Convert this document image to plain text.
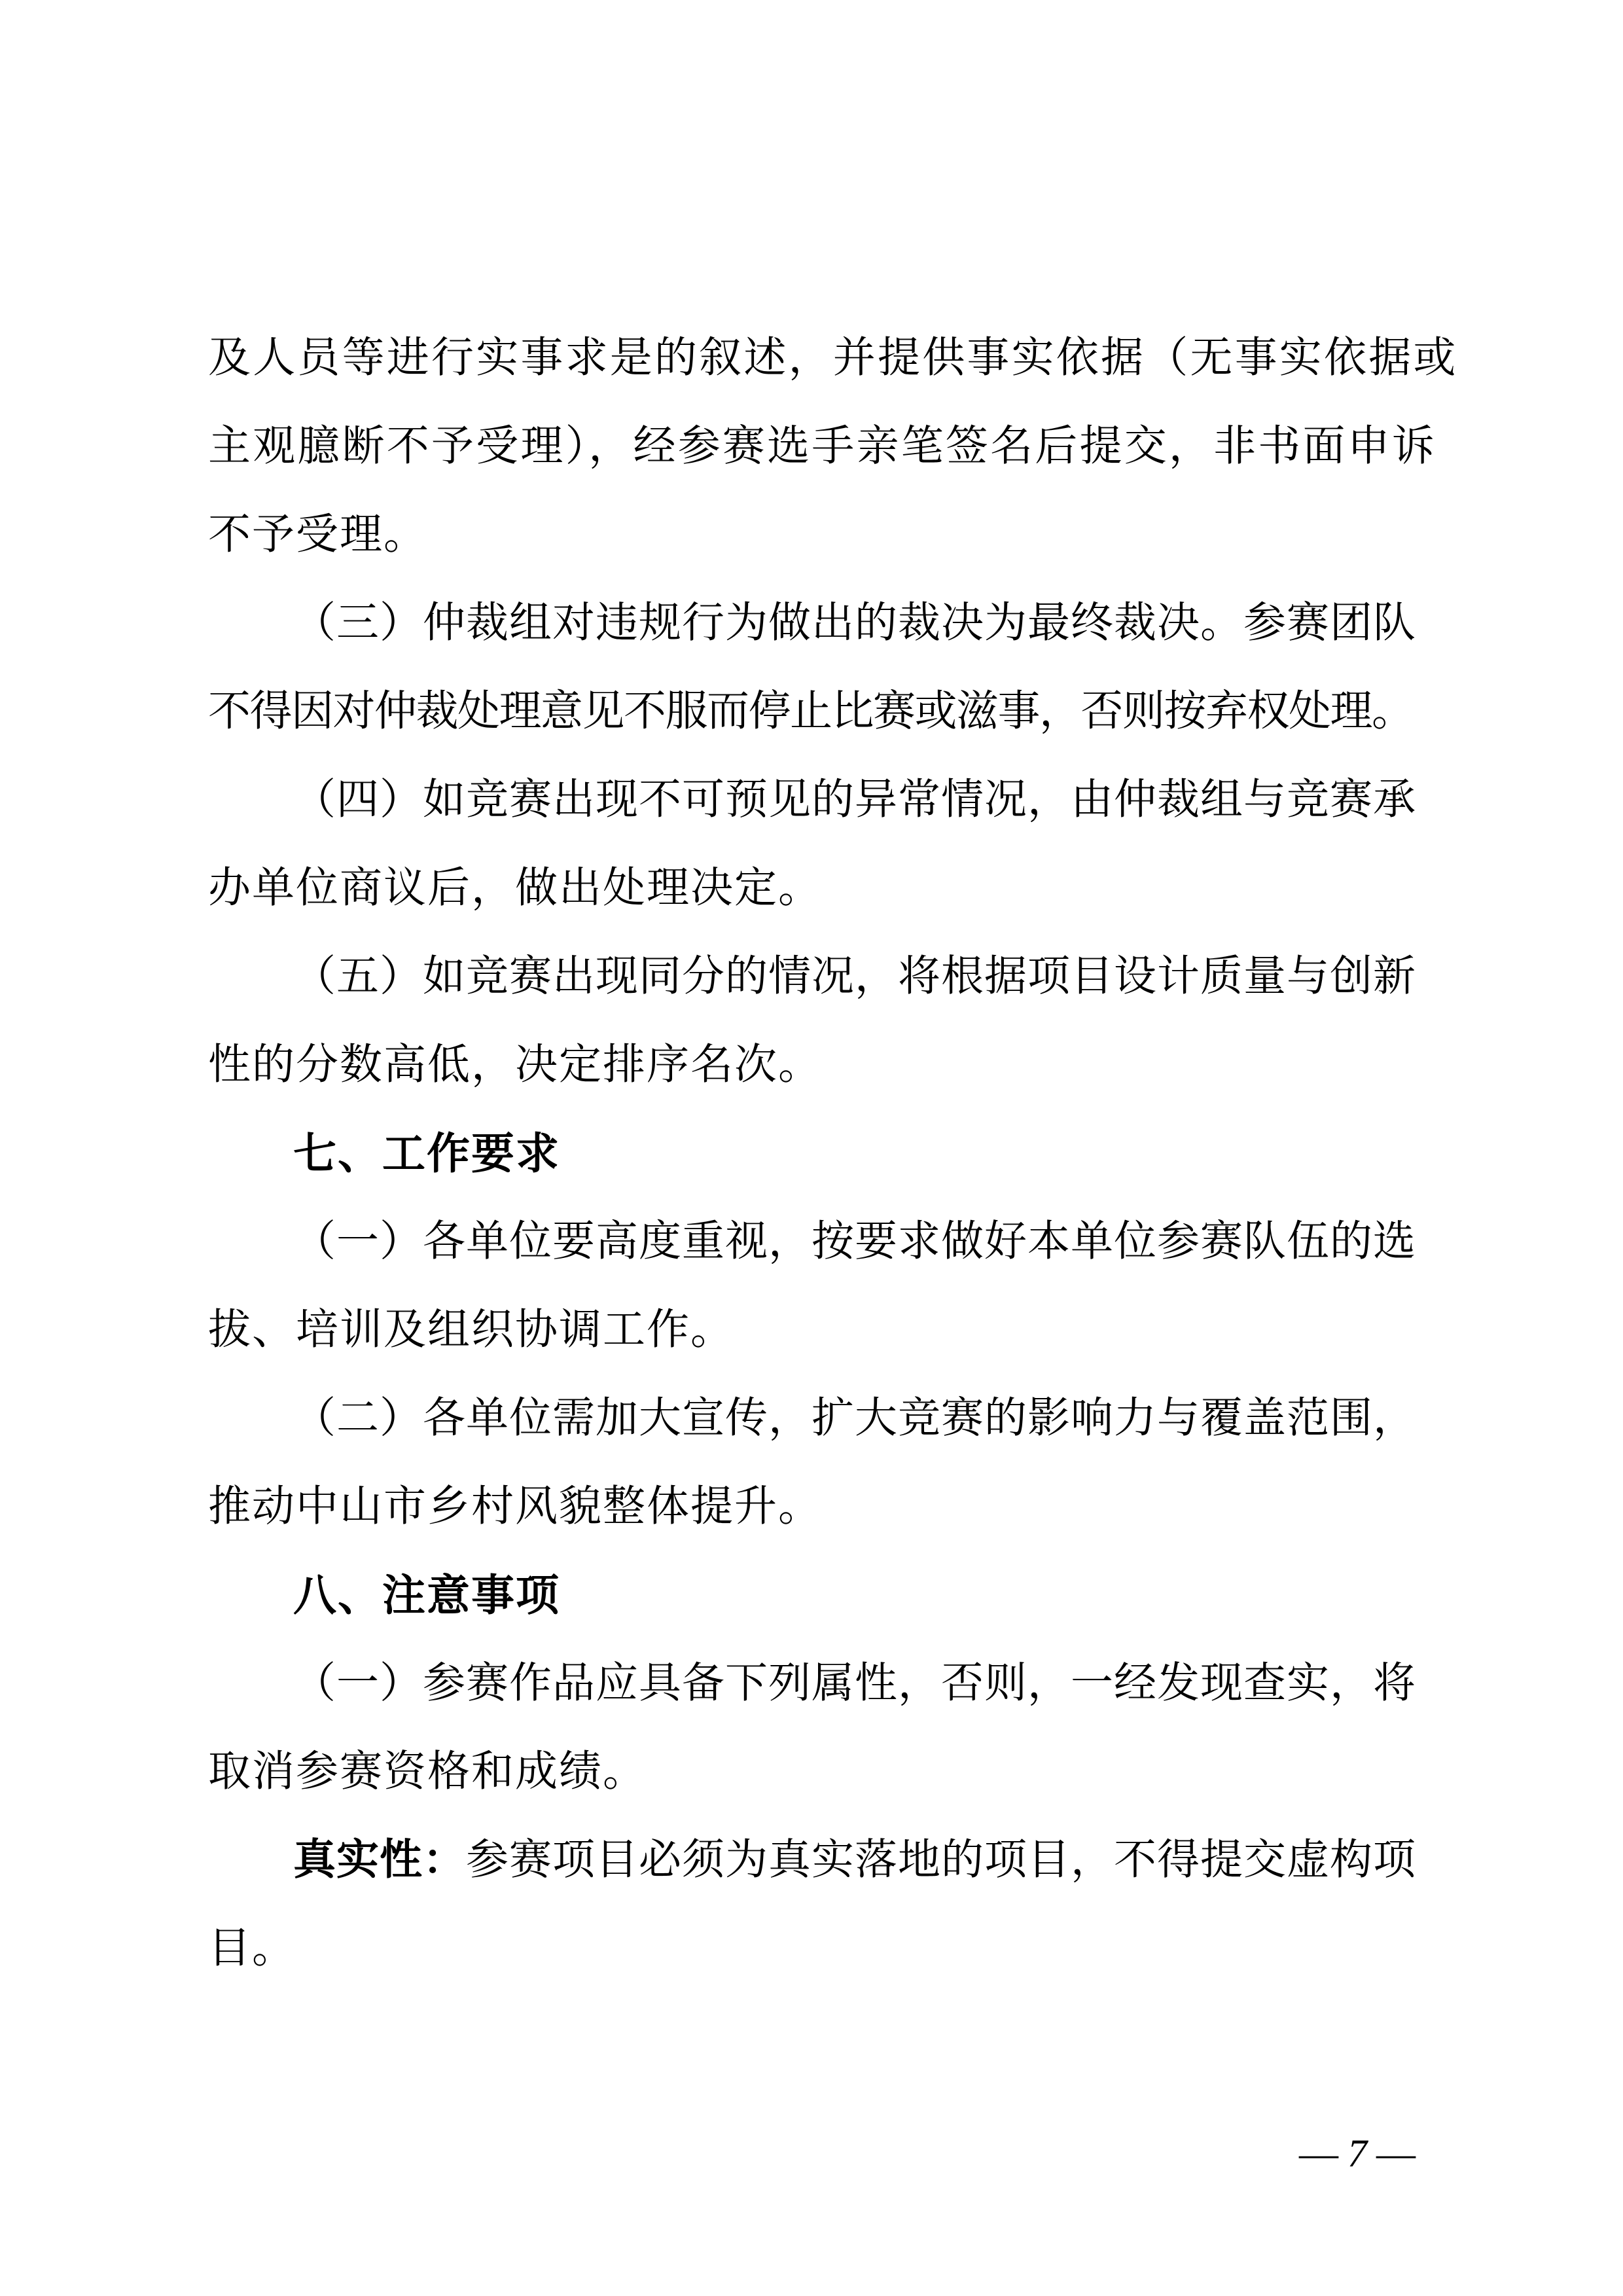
及人员等进行实事求是的叙述，并提供事实依据（无事实依据或
主观臆断不予受理），经参赛选手亲笔签名后提交，非书面申诉
不予受理。
（三）仲裁组对违规行为做出的裁决为最终裁决。参赛团队
不得因对仲裁处理意见不服而停止比赛或滋事，否则按弃权处理。
（四）如竞赛出现不可预见的异常情况，由仲裁组与竞赛承
办单位商议后，做出处理决定。
（五）如竞赛出现同分的情况，将根据项目设计质量与创新
性的分数高低，决定排序名次。
七、工作要求
（一）各单位要高度重视，按要求做好本单位参赛队伍的选
拔、培训及组织协调工作。
（二）各单位需加大宣传，扩大竞赛的影响力与覆盖范围，
推动中山市乡村风貌整体提升。
八、注意事项
（一）参赛作品应具备下列属性，否则，一经发现查实，将
取消参赛资格和成绩。
真实性：参赛项目必须为真实落地的项目，不得提交虚构项
目。
— 7 —
